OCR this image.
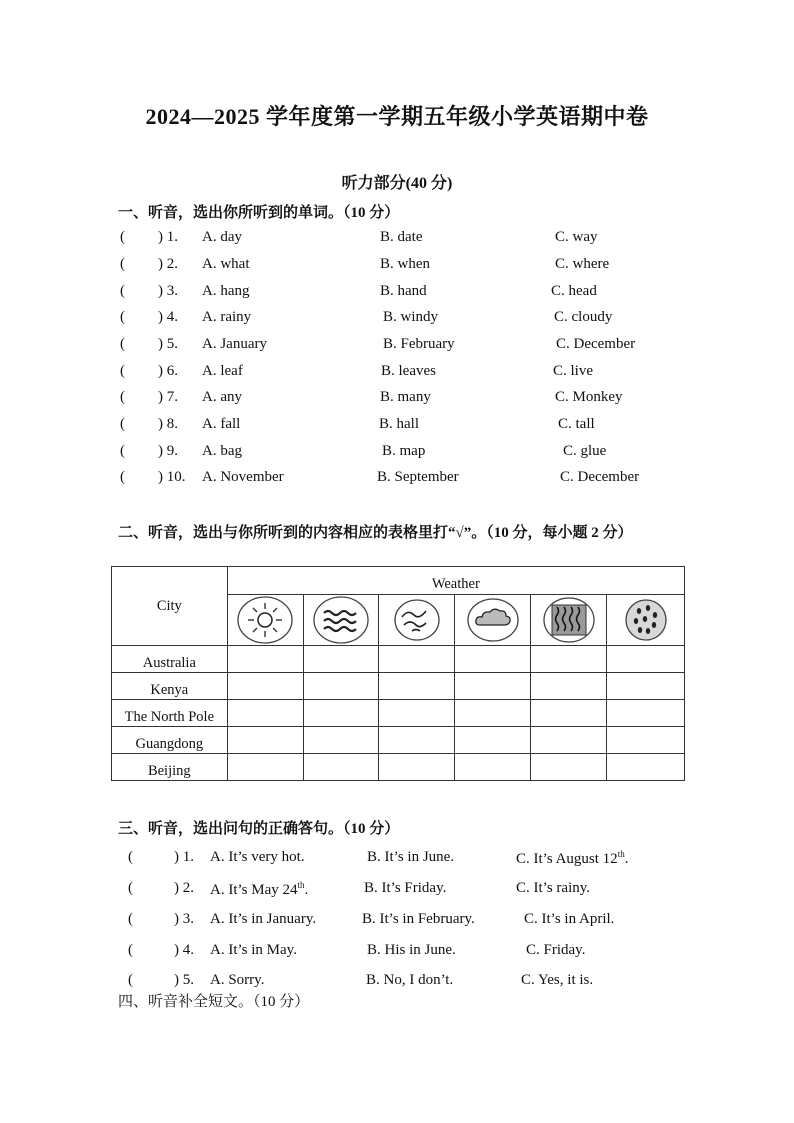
2024—2025 学年度第一学期五年级小学英语期中卷
听力部分(40 分)
一、听音，选出你所听到的单词。（10 分）
( ) 1. A. day	B. date	C. way
( ) 2. A. what	B. when	C. where
( ) 3. A. hang	B. hand	C. head
( ) 4. A. rainy	B. windy	C. cloudy
( ) 5. A. January	B. February	C. December
( ) 6. A. leaf	B. leaves	C. live
( ) 7. A. any	B. many	C. Monkey
( ) 8. A. fall	B. hall	C. tall
( ) 9. A. bag	B. map	C. glue
( ) 10. A. November	B. September	C. December
二、听音，选出与你所听到的内容相应的表格里打“√”。（10 分，每小题 2 分）
City	Weather					

Australia						
Kenya						
The North Pole						
Guangdong						
Beijing						
三、听音，选出问句的正确答句。（10 分）
(	) 1. A. It’s very hot.	B. It’s in June.	C. It’s August 12th.
(	) 2. A. It’s May 24th.	B. It’s Friday.	C. It’s rainy.
(	) 3. A. It’s in January.	B. It’s in February.	C. It’s in April.
(	) 4. A. It’s in May.	B. His in June.	C. Friday.
(	) 5. A. Sorry.	B. No, I don’t.	C. Yes, it is.
四、听音补全短文。（10 分）
